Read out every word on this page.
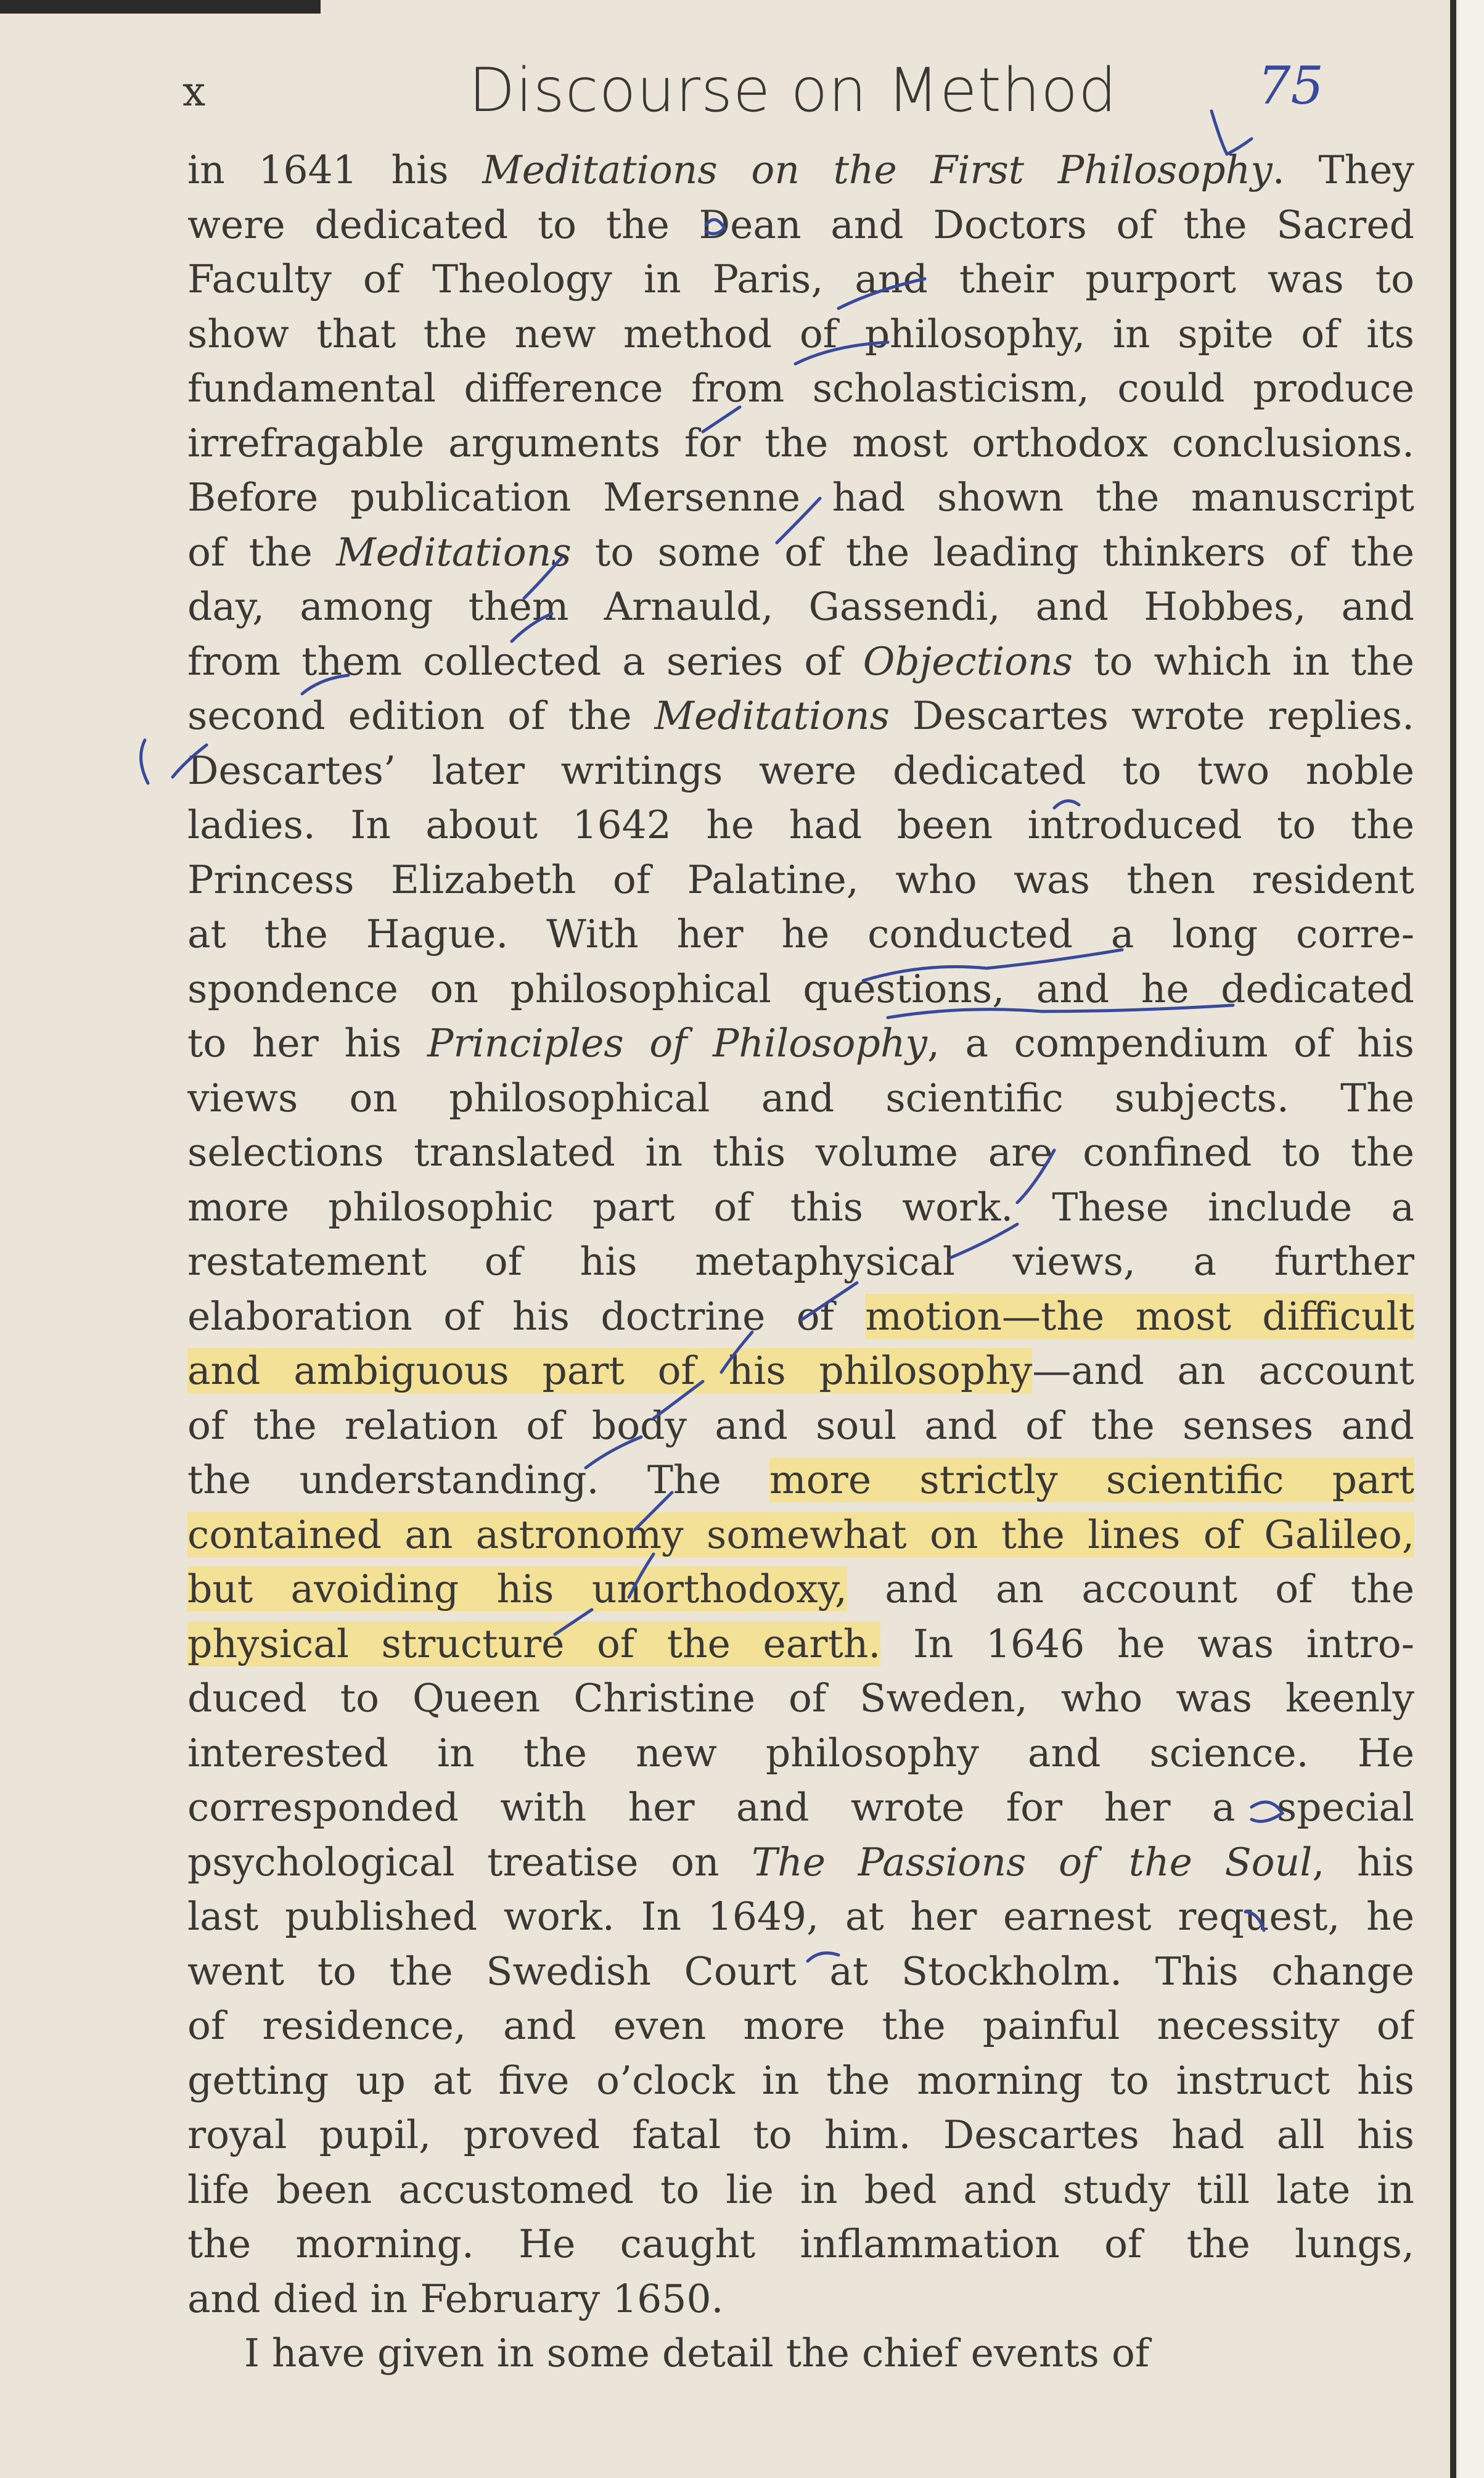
x	Discourse on Method	75
in 1641 his Meditations on the First Philosophy. They
were dedicated to the Dean and Doctors of the Sacred
Faculty of Theology in Paris, and their purport was to
show that the new method of philosophy, in spite of its
fundamental difference from scholasticism, could produce
irrefragable arguments for the most orthodox conclusions.
Before publication Mersenne had shown the manuscript
of the Meditations to some of the leading thinkers of the
day, among them Arnauld, Gassendi, and Hobbes, and
from them collected a series of Objections to which in the
second edition of the Meditations Descartes wrote replies.
Descartes’ later writings were dedicated to two noble
ladies. In about 1642 he had been introduced to the
Princess Elizabeth of Palatine, who was then resident
at the Hague. With her he conducted a long corre-
spondence on philosophical questions, and he dedicated
to her his Principles of Philosophy, a compendium of his
views on philosophical and scientific subjects. The
selections translated in this volume are confined to the
more philosophic part of this work. These include a
restatement of his metaphysical views, a further
elaboration of his doctrine of motion—the most difficult
and ambiguous part of his philosophy—and an account
of the relation of body and soul and of the senses and
the understanding. The more strictly scientific part
contained an astronomy somewhat on the lines of Galileo,
but avoiding his unorthodoxy, and an account of the
physical structure of the earth. In 1646 he was intro-
duced to Queen Christine of Sweden, who was keenly
interested in the new philosophy and science. He
corresponded with her and wrote for her a special
psychological treatise on The Passions of the Soul, his
last published work. In 1649, at her earnest request, he
went to the Swedish Court at Stockholm. This change
of residence, and even more the painful necessity of
getting up at five o’clock in the morning to instruct his
royal pupil, proved fatal to him. Descartes had all his
life been accustomed to lie in bed and study till late in
the morning. He caught inflammation of the lungs,
and died in February 1650.
I have given in some detail the chief events of
